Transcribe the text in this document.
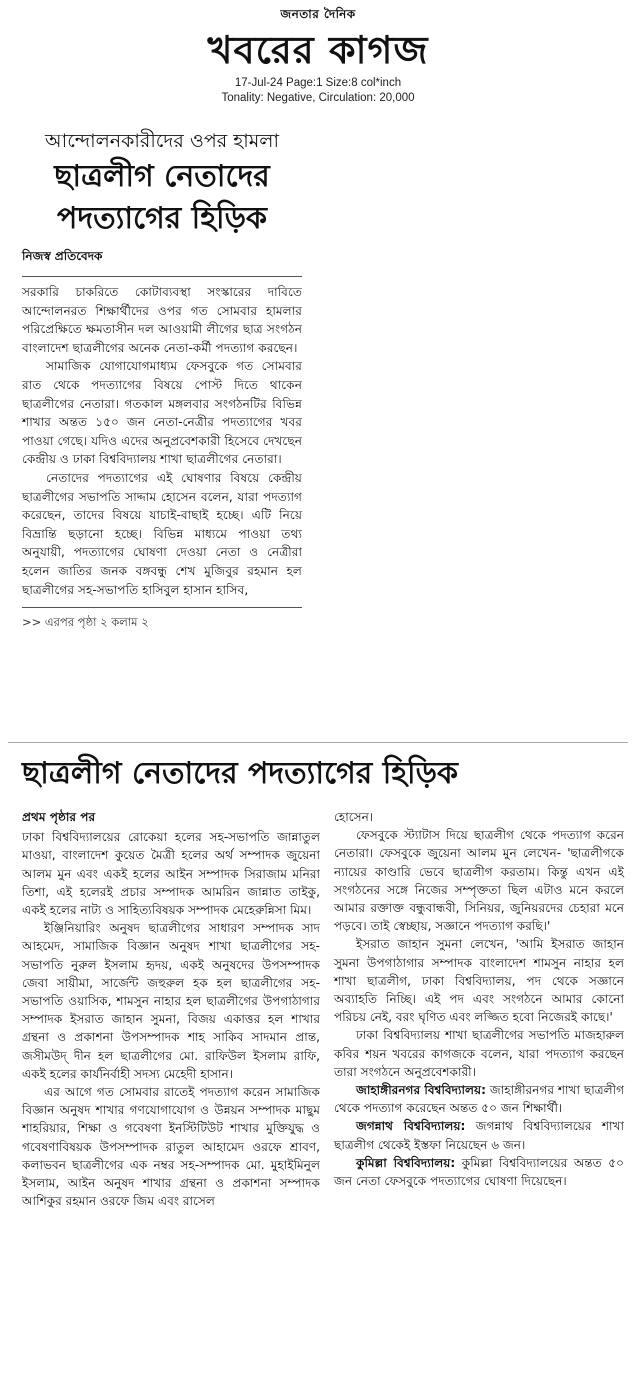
জনতার দৈনিক
খবরের কাগজ
17-Jul-24 Page:1 Size:8 col*inch
Tonality: Negative, Circulation: 20,000
আন্দোলনকারীদের ওপর হামলা
ছাত্রলীগ নেতাদের পদত্যাগের হিড়িক
নিজস্ব প্রতিবেদক

সরকারি চাকরিতে কোটাব্যবস্থা সংস্কারের দাবিতে আন্দোলনরত শিক্ষার্থীদের ওপর গত সোমবার হামলার পরিপ্রেক্ষিতে ক্ষমতাসীন দল আওয়ামী লীগের ছাত্র সংগঠন বাংলাদেশ ছাত্রলীগের অনেক নেতা-কর্মী পদত্যাগ করছেন।

সামাজিক যোগাযোগমাধ্যম ফেসবুকে গত সোমবার রাত থেকে পদত্যাগের বিষয়ে পোস্ট দিতে থাকেন ছাত্রলীগের নেতারা। গতকাল মঙ্গলবার সংগঠনটির বিভিন্ন শাখার অন্তত ১৫০ জন নেতা-নেত্রীর পদত্যাগের খবর পাওয়া গেছে। যদিও এদের অনুপ্রবেশকারী হিসেবে দেখছেন কেন্দ্রীয় ও ঢাকা বিশ্ববিদ্যালয় শাখা ছাত্রলীগের নেতারা।

নেতাদের পদত্যাগের এই ঘোষণার বিষয়ে কেন্দ্রীয় ছাত্রলীগের সভাপতি সাদ্দাম হোসেন বলেন, যারা পদত্যাগ করেছেন, তাদের বিষয়ে যাচাই-বাছাই হচ্ছে। এটি নিয়ে বিভ্রান্তি ছড়ানো হচ্ছে। বিভিন্ন মাধ্যমে পাওয়া তথ্য অনুযায়ী, পদত্যাগের ঘোষণা দেওয়া নেতা ও নেত্রীরা হলেন জাতির জনক বঙ্গবন্ধু শেখ মুজিবুর রহমান হল ছাত্রলীগের সহ-সভাপতি হাসিবুল হাসান হাসিব,

>> এরপর পৃষ্ঠা ২ কলাম ২
ছাত্রলীগ নেতাদের পদত্যাগের হিড়িক

প্রথম পৃষ্ঠার পর

ঢাকা বিশ্ববিদ্যালয়ের রোকেয়া হলের সহ-সভাপতি জান্নাতুল মাওয়া, বাংলাদেশ কুয়েত মৈত্রী হলের অর্থ সম্পাদক জুয়েনা আলম মুন এবং একই হলের আইন সম্পাদক সিরাজাম মনিরা তিশা, এই হলেরই প্রচার সম্পাদক আমরিন জান্নাত তাইকু, একই হলের নাট্য ও সাহিত্যবিষয়ক সম্পাদক মেহেরুন্নিসা মিম।

ইঞ্জিনিয়ারিং অনুষদ ছাত্রলীগের সাধারণ সম্পাদক সাদ আহমেদ, সামাজিক বিজ্ঞান অনুষদ শাখা ছাত্রলীগের সহ-সভাপতি নুরুল ইসলাম হৃদয়, একই অনুষদের উপসম্পাদক জেবা সায়ীমা, সার্জেন্ট জহুরুল হক হল ছাত্রলীগের সহ-সভাপতি ওয়াসিক, শামসুন নাহার হল ছাত্রলীগের উপগাঠাগার সম্পাদক ইসরাত জাহান সুমনা, বিজয় একাত্তর হল শাখার গ্রন্থনা ও প্রকাশনা উপসম্পাদক শাহ সাকিব সাদমান প্রান্ত, জসীমউদ্‌ দীন হল ছাত্রলীগের মো. রাফিউল ইসলাম রাফি, একই হলের কার্যনির্বাহী সদস্য মেহেদী হাসান।

এর আগে গত সোমবার রাতেই পদত্যাগ করেন সামাজিক বিজ্ঞান অনুষদ শাখার গণযোগাযোগ ও উন্নয়ন সম্পাদক মাছুম শাহরিয়ার, শিক্ষা ও গবেষণা ইনস্টিটিউট শাখার মুক্তিযুদ্ধ ও গবেষণাবিষয়ক উপসম্পাদক রাতুল আহামেদ ওরফে শ্রাবণ, কলাভবন ছাত্রলীগের এক নম্বর সহ-সম্পাদক মো. মুহাইমিনুল ইসলাম, আইন অনুষদ শাখার গ্রন্থনা ও প্রকাশনা সম্পাদক আশিকুর রহমান ওরফে জিম এবং রাসেল

হোসেন।

ফেসবুকে স্ট্যাটাস দিয়ে ছাত্রলীগ থেকে পদত্যাগ করেন নেতারা। ফেসবুকে জুয়েনা আলম মুন লেখেন- 'ছাত্রলীগকে ন্যায়ের কাণ্ডারি ভেবে ছাত্রলীগ করতাম। কিন্তু এখন এই সংগঠনের সঙ্গে নিজের সম্পৃক্ততা ছিল এটাও মনে করলে আমার রক্তাক্ত বন্ধুবান্ধবী, সিনিয়র, জুনিয়রদের চেহারা মনে পড়বে। তাই স্বেচ্ছায়, সজ্ঞানে পদত্যাগ করছি।'

ইসরাত জাহান সুমনা লেখেন, 'আমি ইসরাত জাহান সুমনা উপগাঠাগার সম্পাদক বাংলাদেশ শামসুন নাহার হল শাখা ছাত্রলীগ, ঢাকা বিশ্ববিদ্যালয়, পদ থেকে সজ্ঞানে অব্যাহতি নিচ্ছি। এই পদ এবং সংগঠনে আমার কোনো পরিচয় নেই, বরং ঘৃণিত এবং লজ্জিত হবো নিজেরই কাছে।'

ঢাকা বিশ্ববিদ্যালয় শাখা ছাত্রলীগের সভাপতি মাজহারুল কবির শয়ন খবরের কাগজকে বলেন, যারা পদত্যাগ করছেন তারা সংগঠনে অনুপ্রবেশকারী।

জাহাঙ্গীরনগর বিশ্ববিদ্যালয়: জাহাঙ্গীরনগর শাখা ছাত্রলীগ থেকে পদত্যাগ করেছেন অন্তত ৫০ জন শিক্ষার্থী।

জগন্নাথ বিশ্ববিদ্যালয়: জগন্নাথ বিশ্ববিদ্যালয়ের শাখা ছাত্রলীগ থেকেই ইস্তফা নিয়েছেন ৬ জন।

কুমিল্লা বিশ্ববিদ্যালয়: কুমিল্লা বিশ্ববিদ্যালয়ের অন্তত ৫০ জন নেতা ফেসবুকে পদত্যাগের ঘোষণা দিয়েছেন।
